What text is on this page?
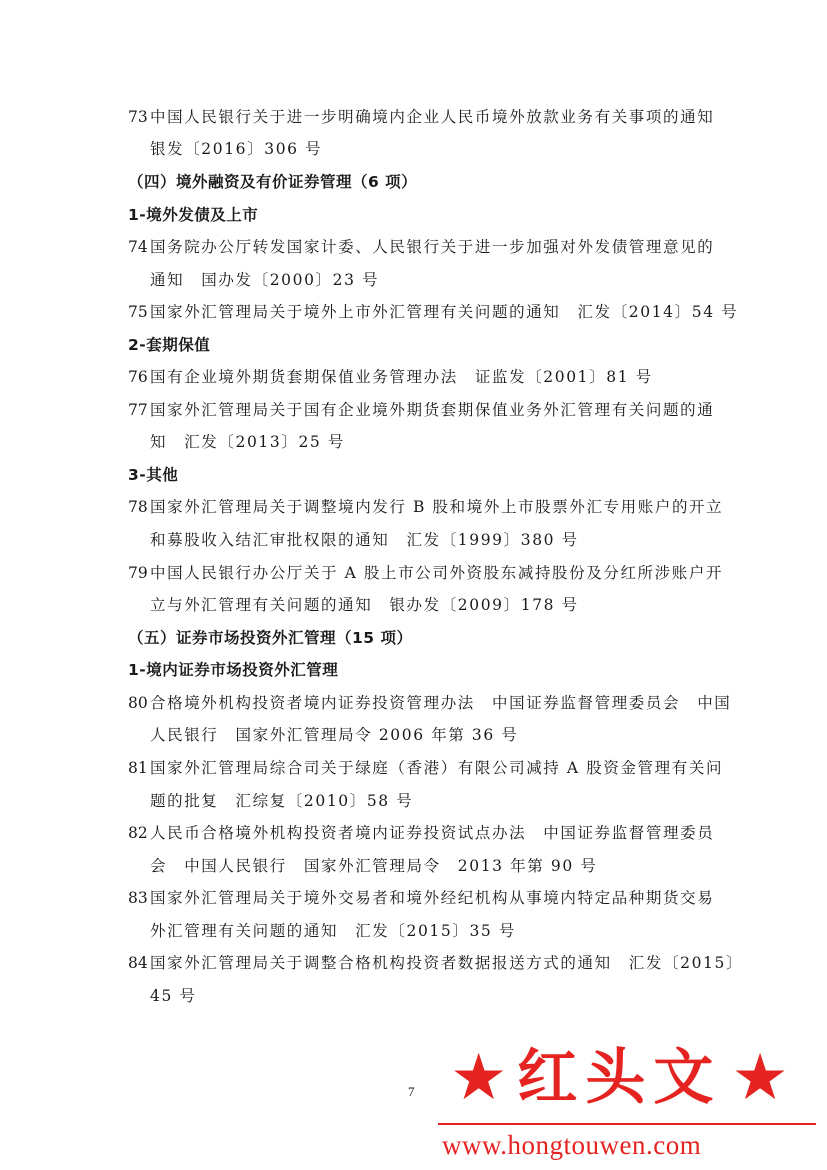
73 中国人民银行关于进一步明确境内企业人民币境外放款业务有关事项的通知
银发〔2016〕306 号
（四）境外融资及有价证券管理（6 项）
1-境外发债及上市
74 国务院办公厅转发国家计委、人民银行关于进一步加强对外发债管理意见的
通知　国办发〔2000〕23 号
75 国家外汇管理局关于境外上市外汇管理有关问题的通知　汇发〔2014〕54 号
2-套期保值
76 国有企业境外期货套期保值业务管理办法　证监发〔2001〕81 号
77 国家外汇管理局关于国有企业境外期货套期保值业务外汇管理有关问题的通
知　汇发〔2013〕25 号
3-其他
78 国家外汇管理局关于调整境内发行 B 股和境外上市股票外汇专用账户的开立
和募股收入结汇审批权限的通知　汇发〔1999〕380 号
79 中国人民银行办公厅关于 A 股上市公司外资股东减持股份及分红所涉账户开
立与外汇管理有关问题的通知　银办发〔2009〕178 号
（五）证券市场投资外汇管理（15 项）
1-境内证券市场投资外汇管理
80 合格境外机构投资者境内证券投资管理办法　中国证券监督管理委员会　中国
人民银行　国家外汇管理局令 2006 年第 36 号
81 国家外汇管理局综合司关于绿庭（香港）有限公司减持 A 股资金管理有关问
题的批复　汇综复〔2010〕58 号
82 人民币合格境外机构投资者境内证券投资试点办法　中国证券监督管理委员
会　中国人民银行　国家外汇管理局令　2013 年第 90 号
83 国家外汇管理局关于境外交易者和境外经纪机构从事境内特定品种期货交易
外汇管理有关问题的通知　汇发〔2015〕35 号
84 国家外汇管理局关于调整合格机构投资者数据报送方式的通知　汇发〔2015〕
45 号
7 ★ 红头文 ★
www.hongtouwen.com
